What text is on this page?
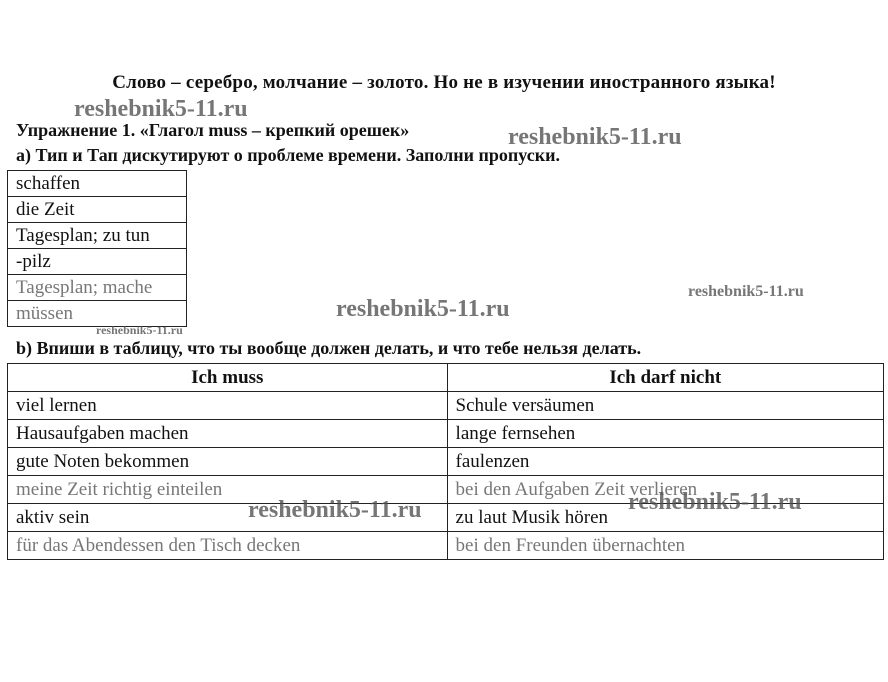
Слово – серебро, молчание – золото. Но не в изучении иностранного языка!
Упражнение 1. «Глагол muss – крепкий орешек»
a) Тип и Тап дискутируют о проблеме времени. Заполни пропуски.
schaffen
die Zeit
Tagesplan; zu tun
-pilz
Tagesplan; mache
müssen
b) Впиши в таблицу, что ты вообще должен делать, и что тебе нельзя делать.
Ich muss	Ich darf nicht
viel lernen	Schule versäumen
Hausaufgaben machen	lange fernsehen
gute Noten bekommen	faulenzen
meine Zeit richtig einteilen	bei den Aufgaben Zeit verlieren
aktiv sein	zu laut Musik hören
für das Abendessen den Tisch decken	bei den Freunden übernachten
reshebnik5-11.ru
reshebnik5-11.ru
reshebnik5-11.ru
reshebnik5-11.ru
reshebnik5-11.ru
reshebnik5-11.ru	reshebnik5-11.ru
